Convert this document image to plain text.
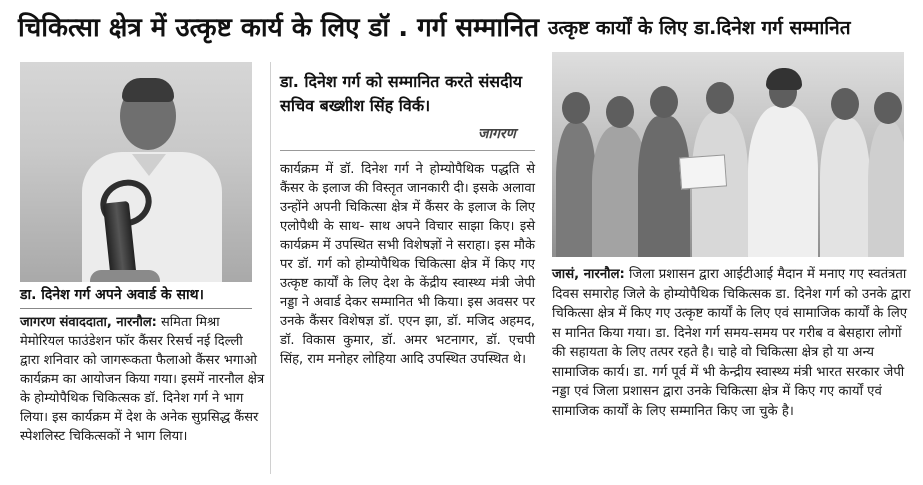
चिकित्सा क्षेत्र में उत्कृष्ट कार्य के लिए डॉ . गर्ग सम्मानित
डा. दिनेश गर्ग अपने अवार्ड के साथ।
जागरण संवाददाता, नारनौल: समिता मिश्रा मेमोरियल फाउंडेशन फॉर कैंसर रिसर्च नई दिल्ली द्वारा शनिवार को जागरूकता फैलाओ कैंसर भगाओ कार्यक्रम का आयोजन किया गया। इसमें नारनौल क्षेत्र के होम्योपैथिक चिकित्सक डॉ. दिनेश गर्ग ने भाग लिया। इस कार्यक्रम में देश के अनेक सुप्रसिद्ध कैंसर स्पेशलिस्ट चिकित्सकों ने भाग लिया।
डा. दिनेश गर्ग को सम्मानित करते संसदीय सचिव बख्शीश सिंह विर्क।
जागरण
कार्यक्रम में डॉ. दिनेश गर्ग ने होम्योपैथिक पद्धति से कैंसर के इलाज की विस्तृत जानकारी दी। इसके अलावा उन्होंने अपनी चिकित्सा क्षेत्र में कैंसर के इलाज के लिए एलोपैथी के साथ- साथ अपने विचार साझा किए। इसे कार्यक्रम में उपस्थित सभी विशेषज्ञों ने सराहा। इस मौके पर डॉ. गर्ग को होम्योपैथिक चिकित्सा क्षेत्र में किए गए उत्कृष्ट कार्यों के लिए देश के केंद्रीय स्वास्थ्य मंत्री जेपी नड्डा ने अवार्ड देकर सम्मानित भी किया। इस अवसर पर उनके कैंसर विशेषज्ञ डॉ. एएन झा, डॉ. मजिद अहमद, डॉ. विकास कुमार, डॉ. अमर भटनागर, डॉ. एचपी सिंह, राम मनोहर लोहिया आदि उपस्थित उपस्थित थे।
उत्कृष्ट कार्यों के लिए डा.दिनेश गर्ग सम्मानित
जासं, नारनौल: जिला प्रशासन द्वारा आईटीआई मैदान में मनाए गए स्वतंत्रता दिवस समारोह जिले के होम्योपैथिक चिकित्सक डा. दिनेश गर्ग को उनके द्वारा चिकित्सा क्षेत्र में किए गए उत्कृष्ट कार्यों के लिए एवं सामाजिक कार्यों के लिए स मानित किया गया। डा. दिनेश गर्ग समय-समय पर गरीब व बेसहारा लोगों की सहायता के लिए तत्पर रहते है। चाहे वो चिकित्सा क्षेत्र हो या अन्य सामाजिक कार्य। डा. गर्ग पूर्व में भी केन्द्रीय स्वास्थ्य मंत्री भारत सरकार जेपी नड्डा एवं जिला प्रशासन द्वारा उनके चिकित्सा क्षेत्र में किए गए कार्यों एवं सामाजिक कार्यों के लिए सम्मानित किए जा चुके है।
